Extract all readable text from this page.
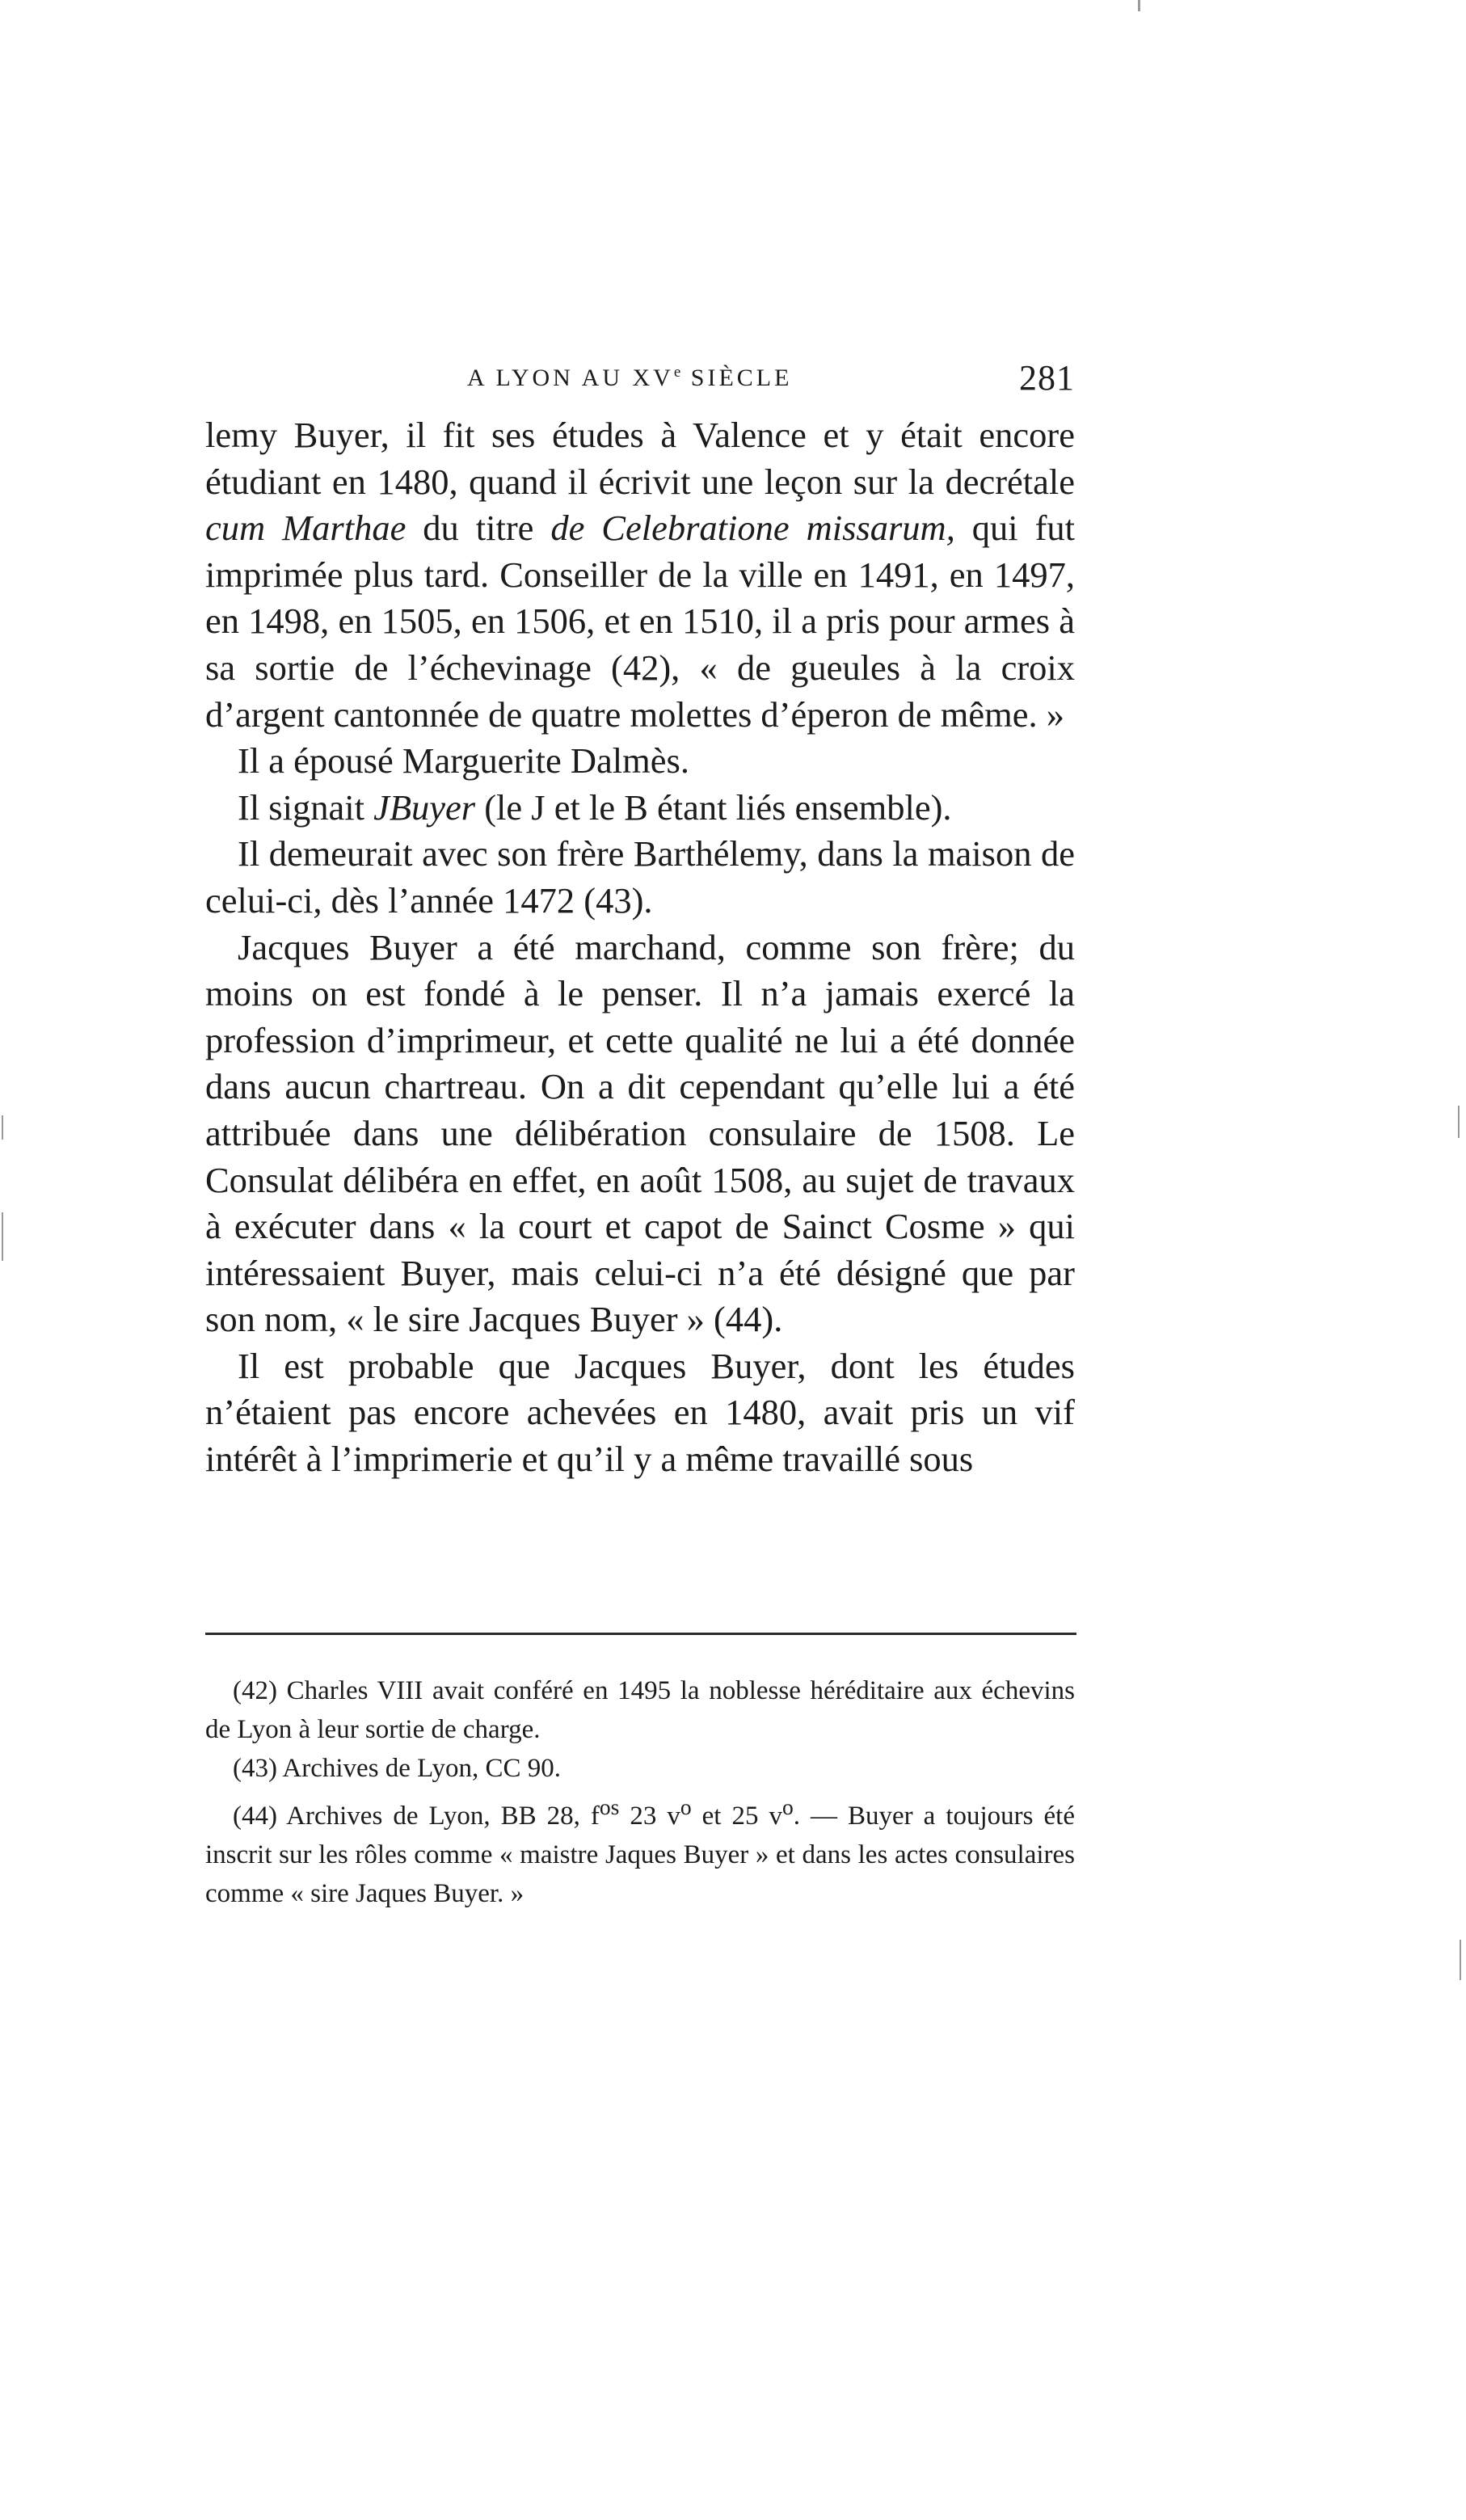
A LYON AU XVe SIÈCLE	281

lemy Buyer, il fit ses études à Valence et y était encore étudiant en 1480, quand il écrivit une leçon sur la decrétale cum Marthae du titre de Celebratione missarum, qui fut imprimée plus tard. Conseiller de la ville en 1491, en 1497, en 1498, en 1505, en 1506, et en 1510, il a pris pour armes à sa sortie de l’échevinage (42), « de gueules à la croix d’argent cantonnée de quatre molettes d’éperon de même. »

Il a épousé Marguerite Dalmès.

Il signait JBuyer (le J et le B étant liés ensemble).

Il demeurait avec son frère Barthélemy, dans la maison de celui-ci, dès l’année 1472 (43).

Jacques Buyer a été marchand, comme son frère; du moins on est fondé à le penser. Il n’a jamais exercé la profession d’imprimeur, et cette qualité ne lui a été donnée dans aucun chartreau. On a dit cependant qu’elle lui a été attribuée dans une délibération consulaire de 1508. Le Consulat délibéra en effet, en août 1508, au sujet de travaux à exécuter dans « la court et capot de Sainct Cosme » qui intéressaient Buyer, mais celui-ci n’a été désigné que par son nom, « le sire Jacques Buyer » (44).

Il est probable que Jacques Buyer, dont les études n’étaient pas encore achevées en 1480, avait pris un vif intérêt à l’imprimerie et qu’il y a même travaillé sous

(42) Charles VIII avait conféré en 1495 la noblesse héréditaire aux échevins de Lyon à leur sortie de charge.

(43) Archives de Lyon, CC 90.

(44) Archives de Lyon, BB 28, $f^{os}$ 23 $v^o$ et 25 $v^o$. — Buyer a toujours été inscrit sur les rôles comme « maistre Jaques Buyer » et dans les actes consulaires comme « sire Jaques Buyer. »
